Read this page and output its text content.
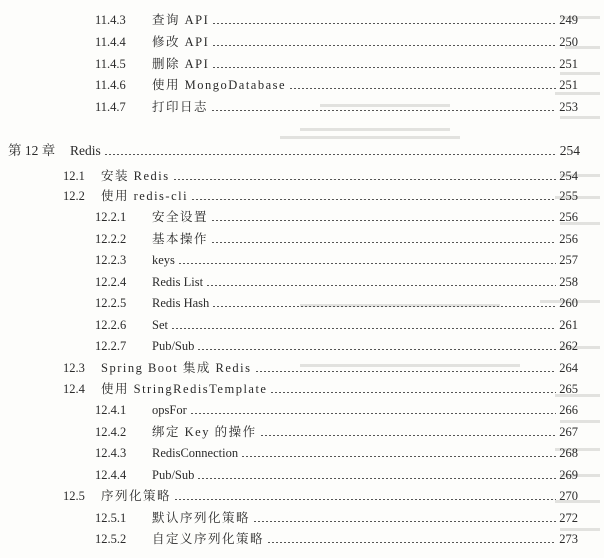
11.4.3	查询 API	249
11.4.4	修改 API	250
11.4.5	删除 API	251
11.4.6	使用 MongoDatabase	251
11.4.7	打印日志	253
第 12 章	Redis	254
12.1	安装 Redis	254
12.2	使用 redis-cli	255
12.2.1	安全设置	256
12.2.2	基本操作	256
12.2.3	keys	257
12.2.4	Redis List	258
12.2.5	Redis Hash	260
12.2.6	Set	261
12.2.7	Pub/Sub	262
12.3	Spring Boot 集成 Redis	264
12.4	使用 StringRedisTemplate	265
12.4.1	opsFor	266
12.4.2	绑定 Key 的操作	267
12.4.3	RedisConnection	268
12.4.4	Pub/Sub	269
12.5	序列化策略	270
12.5.1	默认序列化策略	272
12.5.2	自定义序列化策略	273
